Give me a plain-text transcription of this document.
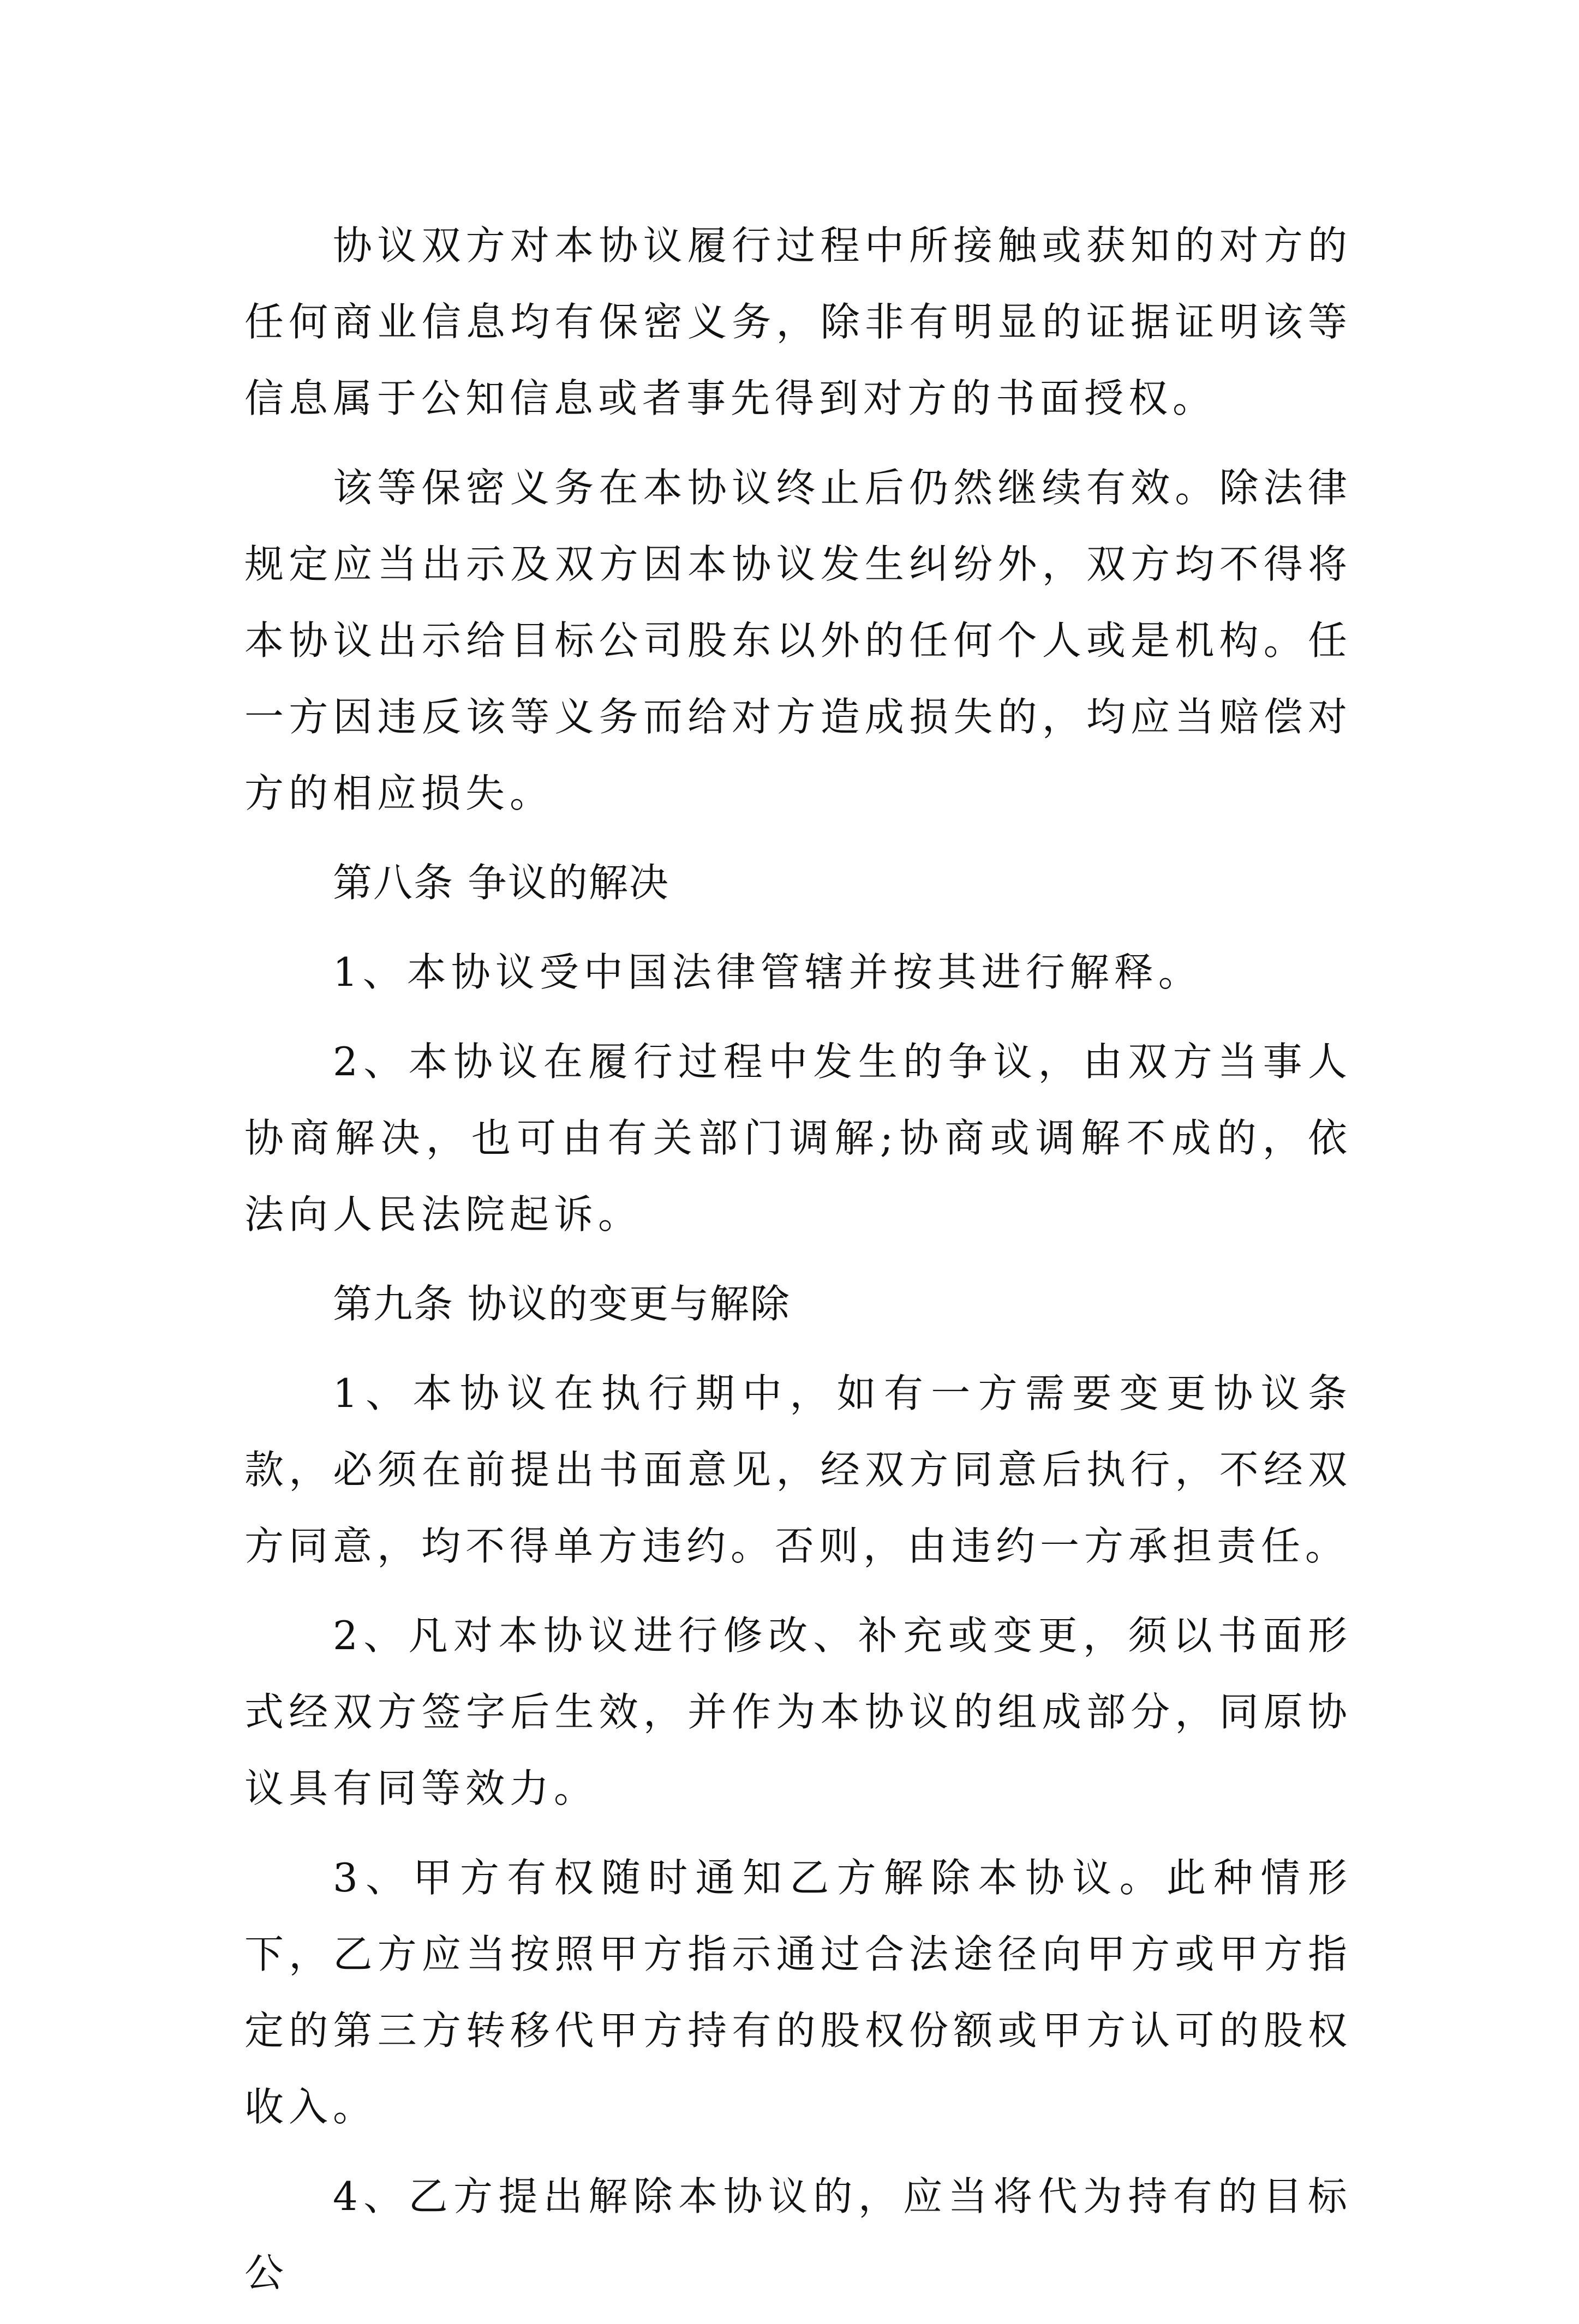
协议双方对本协议履行过程中所接触或获知的对方的任何商业信息均有保密义务，除非有明显的证据证明该等信息属于公知信息或者事先得到对方的书面授权。

该等保密义务在本协议终止后仍然继续有效。除法律规定应当出示及双方因本协议发生纠纷外，双方均不得将本协议出示给目标公司股东以外的任何个人或是机构。任一方因违反该等义务而给对方造成损失的，均应当赔偿对方的相应损失。

第八条 争议的解决

1、本协议受中国法律管辖并按其进行解释。

2、本协议在履行过程中发生的争议，由双方当事人协商解决，也可由有关部门调解;协商或调解不成的，依法向人民法院起诉。

第九条 协议的变更与解除

1、本协议在执行期中，如有一方需要变更协议条款，必须在前提出书面意见，经双方同意后执行，不经双方同意，均不得单方违约。否则，由违约一方承担责任。

2、凡对本协议进行修改、补充或变更，须以书面形式经双方签字后生效，并作为本协议的组成部分，同原协议具有同等效力。

3、甲方有权随时通知乙方解除本协议。此种情形下，乙方应当按照甲方指示通过合法途径向甲方或甲方指定的第三方转移代甲方持有的股权份额或甲方认可的股权收入。

4、乙方提出解除本协议的，应当将代为持有的目标公
